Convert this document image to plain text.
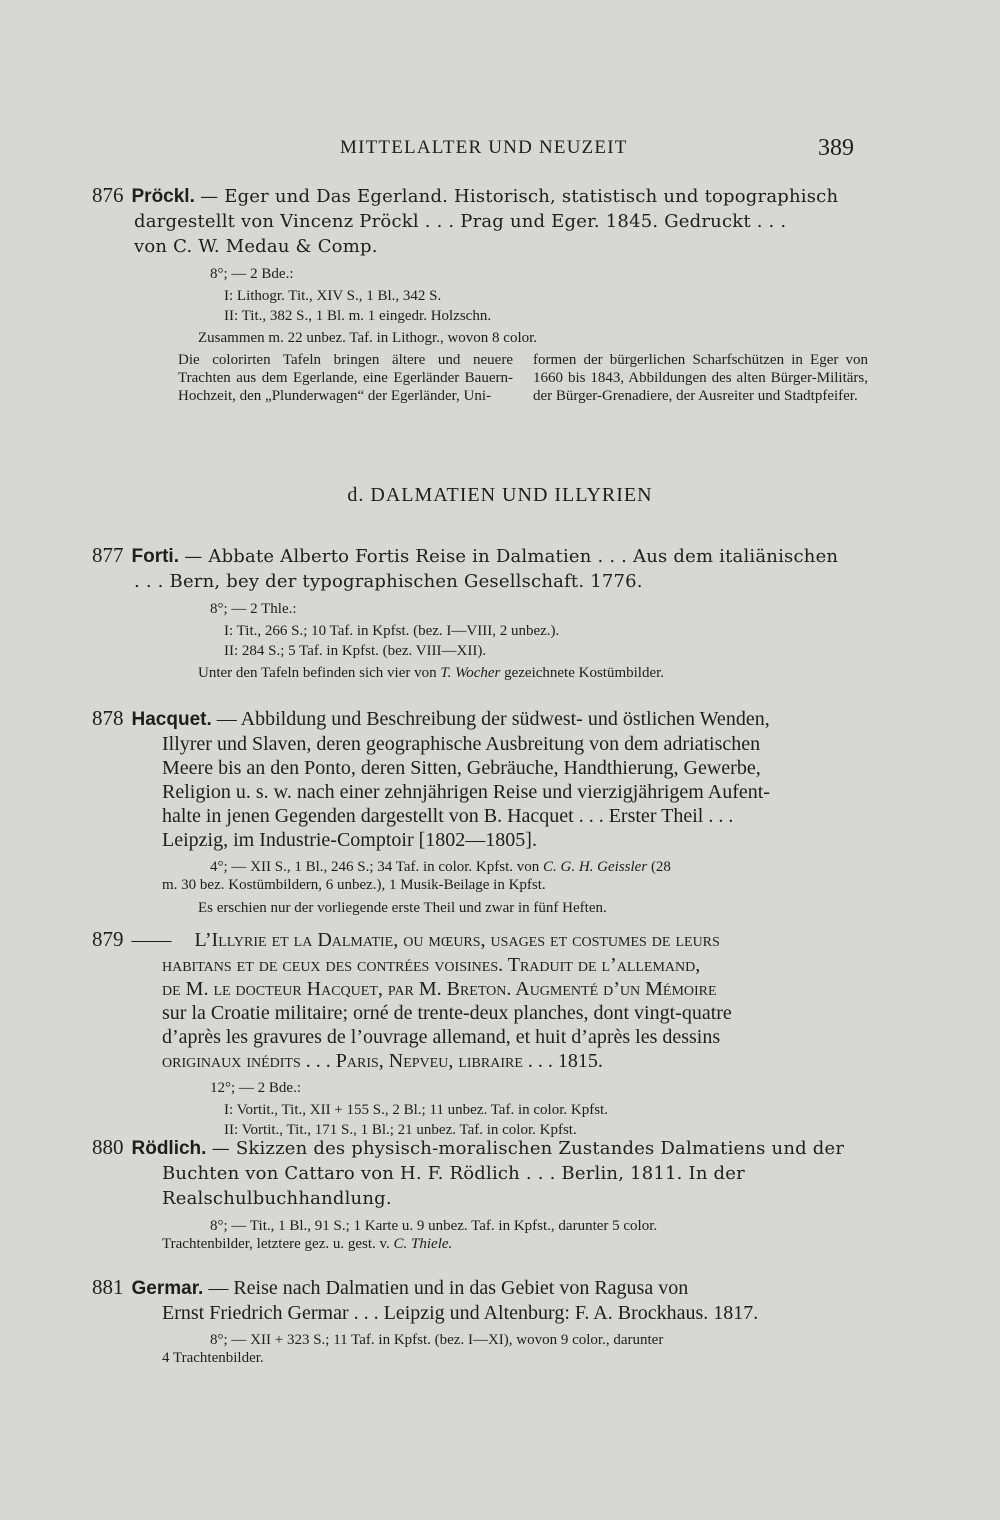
MITTELALTER UND NEUZEIT	389

876 Pröckl. — Eger und Das Egerland. Historisch, statistisch und topographisch

dargestellt von Vincenz Pröckl . . . Prag und Eger. 1845. Gedruckt . . .

von C. W. Medau & Comp.

8°; — 2 Bde.:

I: Lithogr. Tit., XIV S., 1 Bl., 342 S.

II: Tit., 382 S., 1 Bl. m. 1 eingedr. Holzschn.

Zusammen m. 22 unbez. Taf. in Lithogr., wovon 8 color.

Die colorirten Tafeln bringen ältere und neuere Trachten aus dem Egerlande, eine Egerländer Bauern-Hochzeit, den „Plunderwagen“ der Egerländer, Uni-
formen der bürgerlichen Scharfschützen in Eger von 1660 bis 1843, Abbildungen des alten Bürger-Militärs, der Bürger-Grenadiere, der Ausreiter und Stadtpfeifer.
d. DALMATIEN UND ILLYRIEN

877 Forti. — Abbate Alberto Fortis Reise in Dalmatien . . . Aus dem italiänischen

. . . Bern, bey der typographischen Gesellschaft. 1776.

8°; — 2 Thle.:

I: Tit., 266 S.; 10 Taf. in Kpfst. (bez. I—VIII, 2 unbez.).

II: 284 S.; 5 Taf. in Kpfst. (bez. VIII—XII).

Unter den Tafeln befinden sich vier von T. Wocher gezeichnete Kostümbilder.

878 Hacquet. — Abbildung und Beschreibung der südwest- und östlichen Wenden,

Illyrer und Slaven, deren geographische Ausbreitung von dem adriatischen

Meere bis an den Ponto, deren Sitten, Gebräuche, Handthierung, Gewerbe,

Religion u. s. w. nach einer zehnjährigen Reise und vierzigjährigem Aufent-

halte in jenen Gegenden dargestellt von B. Hacquet . . . Erster Theil . . .

Leipzig, im Industrie-Comptoir [1802—1805].

4°; — XII S., 1 Bl., 246 S.; 34 Taf. in color. Kpfst. von C. G. H. Geissler (28

m. 30 bez. Kostümbildern, 6 unbez.), 1 Musik-Beilage in Kpfst.

Es erschien nur der vorliegende erste Theil und zwar in fünf Heften.

879 —— L’Illyrie et la Dalmatie, ou mœurs, usages et costumes de leurs

habitans et de ceux des contrées voisines. Traduit de l’allemand,

de M. le docteur Hacquet, par M. Breton. Augmenté d’un Mémoire

sur la Croatie militaire; orné de trente-deux planches, dont vingt-quatre

d’après les gravures de l’ouvrage allemand, et huit d’après les dessins

originaux inédits . . . Paris, Nepveu, libraire . . . 1815.

12°; — 2 Bde.:

I: Vortit., Tit., XII + 155 S., 2 Bl.; 11 unbez. Taf. in color. Kpfst.

II: Vortit., Tit., 171 S., 1 Bl.; 21 unbez. Taf. in color. Kpfst.

880 Rödlich. — Skizzen des physisch-moralischen Zustandes Dalmatiens und der

Buchten von Cattaro von H. F. Rödlich . . . Berlin, 1811. In der

Realschulbuchhandlung.

8°; — Tit., 1 Bl., 91 S.; 1 Karte u. 9 unbez. Taf. in Kpfst., darunter 5 color.

Trachtenbilder, letztere gez. u. gest. v. C. Thiele.

881 Germar. — Reise nach Dalmatien und in das Gebiet von Ragusa von

Ernst Friedrich Germar . . . Leipzig und Altenburg: F. A. Brockhaus. 1817.

8°; — XII + 323 S.; 11 Taf. in Kpfst. (bez. I—XI), wovon 9 color., darunter

4 Trachtenbilder.
